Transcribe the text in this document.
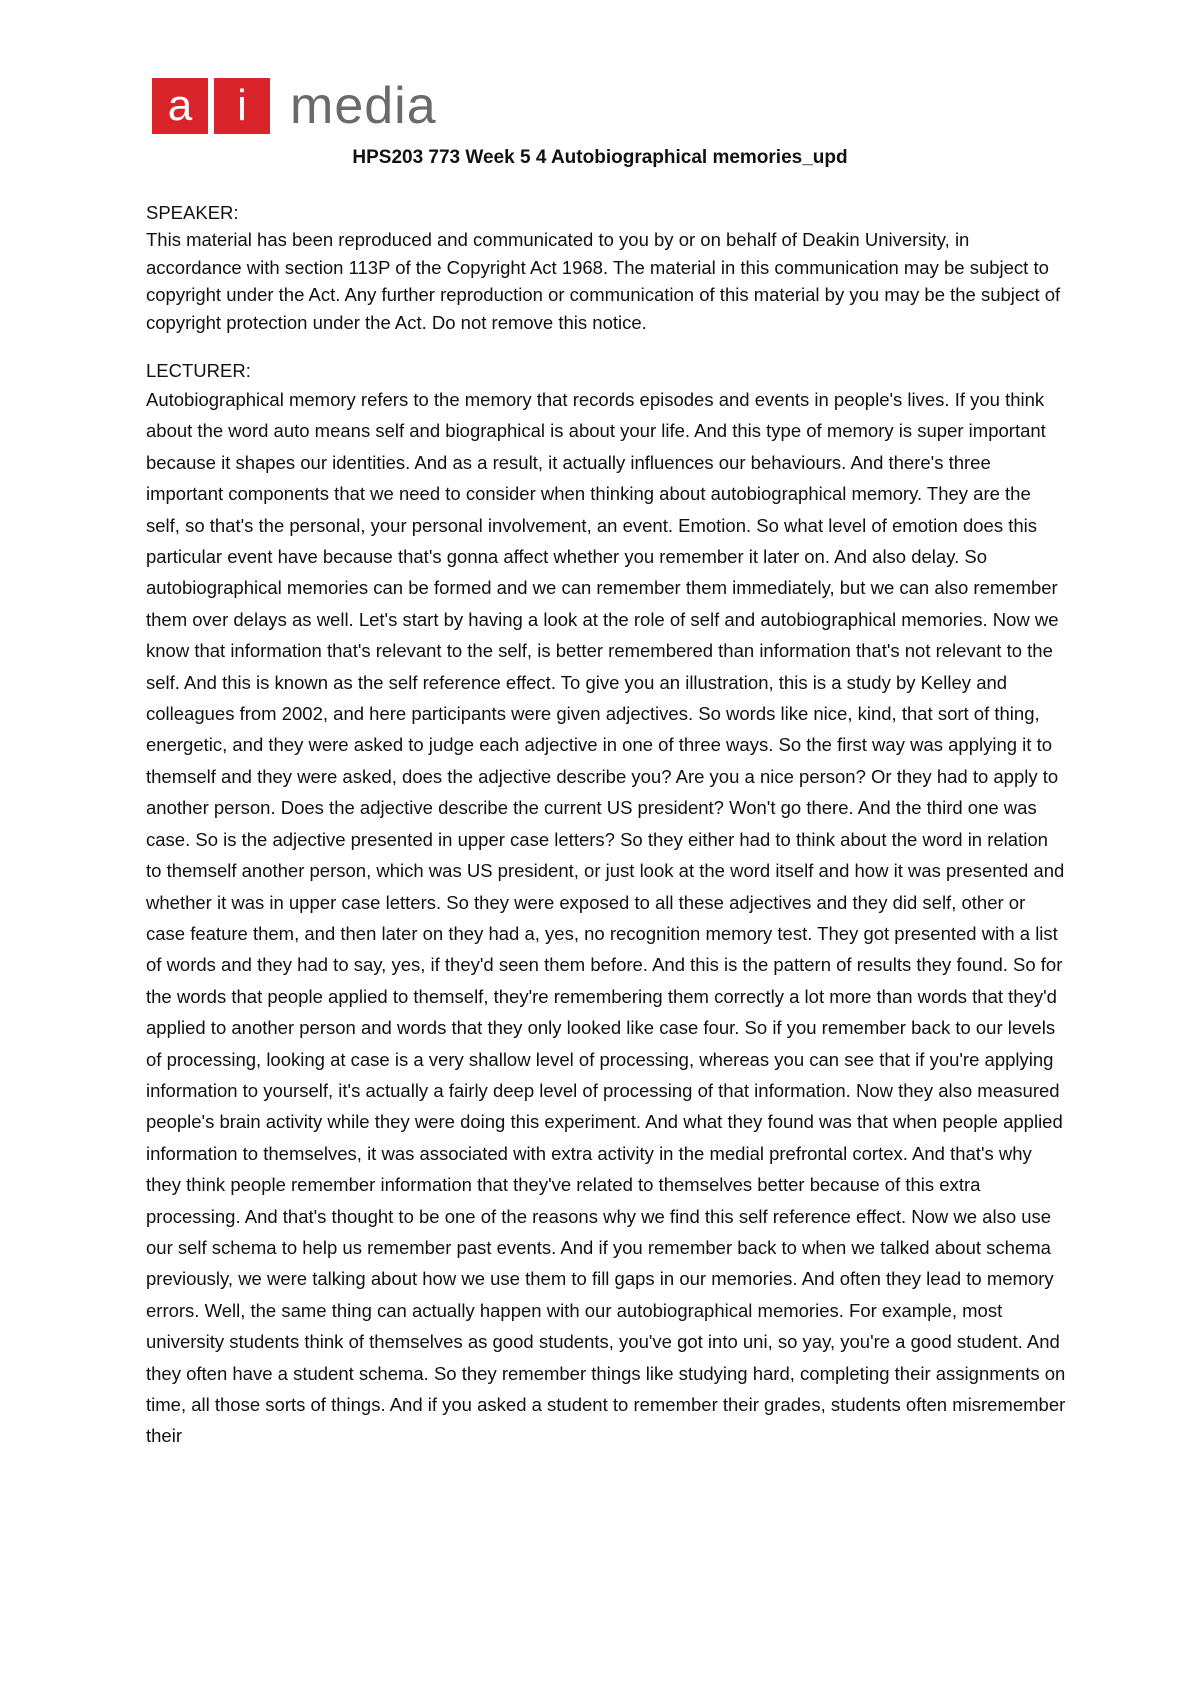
a i media
HPS203 773 Week 5 4 Autobiographical memories_upd

SPEAKER:

This material has been reproduced and communicated to you by or on behalf of Deakin University, in accordance with section 113P of the Copyright Act 1968. The material in this communication may be subject to copyright under the Act. Any further reproduction or communication of this material by you may be the subject of copyright protection under the Act. Do not remove this notice.

LECTURER:

Autobiographical memory refers to the memory that records episodes and events in people's lives. If you think about the word auto means self and biographical is about your life. And this type of memory is super important because it shapes our identities. And as a result, it actually influences our behaviours. And there's three important components that we need to consider when thinking about autobiographical memory. They are the self, so that's the personal, your personal involvement, an event. Emotion. So what level of emotion does this particular event have because that's gonna affect whether you remember it later on. And also delay. So autobiographical memories can be formed and we can remember them immediately, but we can also remember them over delays as well. Let's start by having a look at the role of self and autobiographical memories. Now we know that information that's relevant to the self, is better remembered than information that's not relevant to the self. And this is known as the self reference effect. To give you an illustration, this is a study by Kelley and colleagues from 2002, and here participants were given adjectives. So words like nice, kind, that sort of thing, energetic, and they were asked to judge each adjective in one of three ways. So the first way was applying it to themself and they were asked, does the adjective describe you? Are you a nice person? Or they had to apply to another person. Does the adjective describe the current US president? Won't go there. And the third one was case. So is the adjective presented in upper case letters? So they either had to think about the word in relation to themself another person, which was US president, or just look at the word itself and how it was presented and whether it was in upper case letters. So they were exposed to all these adjectives and they did self, other or case feature them, and then later on they had a, yes, no recognition memory test. They got presented with a list of words and they had to say, yes, if they'd seen them before. And this is the pattern of results they found. So for the words that people applied to themself, they're remembering them correctly a lot more than words that they'd applied to another person and words that they only looked like case four. So if you remember back to our levels of processing, looking at case is a very shallow level of processing, whereas you can see that if you're applying information to yourself, it's actually a fairly deep level of processing of that information. Now they also measured people's brain activity while they were doing this experiment. And what they found was that when people applied information to themselves, it was associated with extra activity in the medial prefrontal cortex. And that's why they think people remember information that they've related to themselves better because of this extra processing. And that's thought to be one of the reasons why we find this self reference effect. Now we also use our self schema to help us remember past events. And if you remember back to when we talked about schema previously, we were talking about how we use them to fill gaps in our memories. And often they lead to memory errors. Well, the same thing can actually happen with our autobiographical memories. For example, most university students think of themselves as good students, you've got into uni, so yay, you're a good student. And they often have a student schema. So they remember things like studying hard, completing their assignments on time, all those sorts of things. And if you asked a student to remember their grades, students often misremember their
